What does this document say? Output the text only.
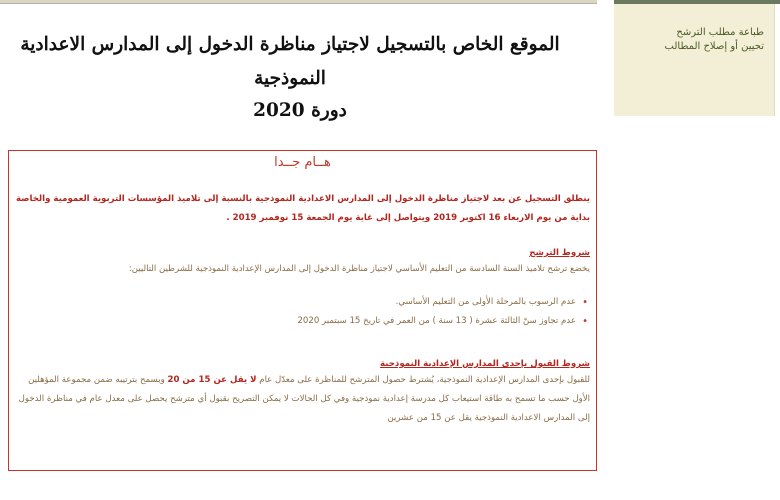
طباعة مطلب الترشح
تحيين أو إصلاح المطالب
الموقع الخاص بالتسجيل لاجتياز مناظرة الدخول إلى المدارس الاعدادية
النموذجية
دورة 2020
هــام جــدا

ينطلق التسجيل عن بعد لاجتياز مناظرة الدخول إلى المدارس الاعدادية النموذجية بالنسبة إلى تلاميذ المؤسسات التربوية العمومية والخاصة بداية من يوم الاربعاء 16 اكتوبر 2019 ويتواصل إلى غاية يوم الجمعة 15 نوفمبر 2019 .

شروط الترشح

يخضع ترشح تلاميذ السنة السادسة من التعليم الأساسي لاجتياز مناظرة الدخول إلى المدارس الإعدادية النموذجية للشرطين التاليين:

• عدم الرسوب بالمرحلة الأولى من التعليم الأساسي.
• عدم تجاوز سنّ الثالثة عشرة ( 13 سنة ) من العمر في تاريخ 15 سبتمبر 2020
شروط القبول بإحدى المدارس الإعدادية النموذجية

للقبول بإحدى المدارس الإعدادية النموذجية، يُشترط حصول المترشح للمناظرة على معدّل عام لا يقل عن 15 من 20 ويسمح بترتيبه ضمن مجموعة المؤهلين الأول حسب ما تسمح به طاقة استيعاب كل مدرسة إعدادية نموذجية وفي كل الحالات لا يمكن التصريح بقبول أي مترشح يحصل على معدل عام في مناظرة الدخول إلى المدارس الاعدادية النموذجية يقل عن 15 من عشرين
